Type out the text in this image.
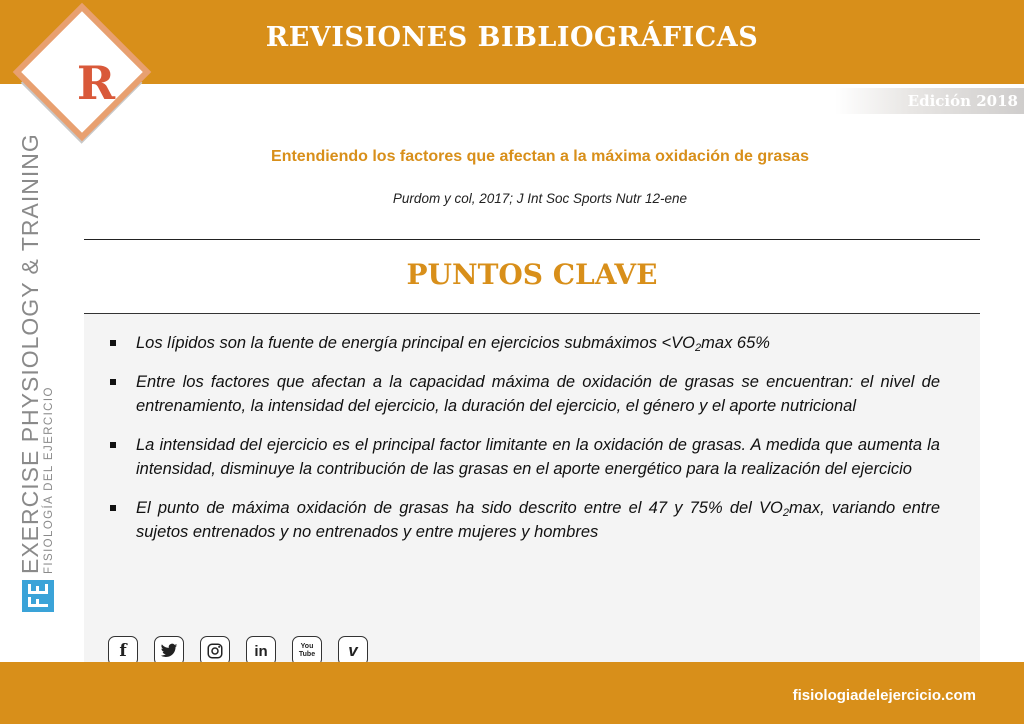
REVISIONES BIBLIOGRÁFICAS
Edición 2018
R
EXERCISE PHYSIOLOGY & TRAINING FISIOLOGÍA DEL EJERCICIO
Entendiendo los factores que afectan a la máxima oxidación de grasas
Purdom y col, 2017; J Int Soc Sports Nutr 12-ene
PUNTOS CLAVE
Los lípidos son la fuente de energía principal en ejercicios submáximos $<VO_2\max$ 65%
Entre los factores que afectan a la capacidad máxima de oxidación de grasas se encuentran: el nivel de entrenamiento, la intensidad del ejercicio, la duración del ejercicio, el género y el aporte nutricional
La intensidad del ejercicio es el principal factor limitante en la oxidación de grasas. A medida que aumenta la intensidad, disminuye la contribución de las grasas en el aporte energético para la realización del ejercicio
El punto de máxima oxidación de grasas ha sido descrito entre el 47 y 75% del $VO_2\max$, variando entre sujetos entrenados y no entrenados y entre mujeres y hombres
f	in	You Tube v
fisiologiadelejercicio.com
